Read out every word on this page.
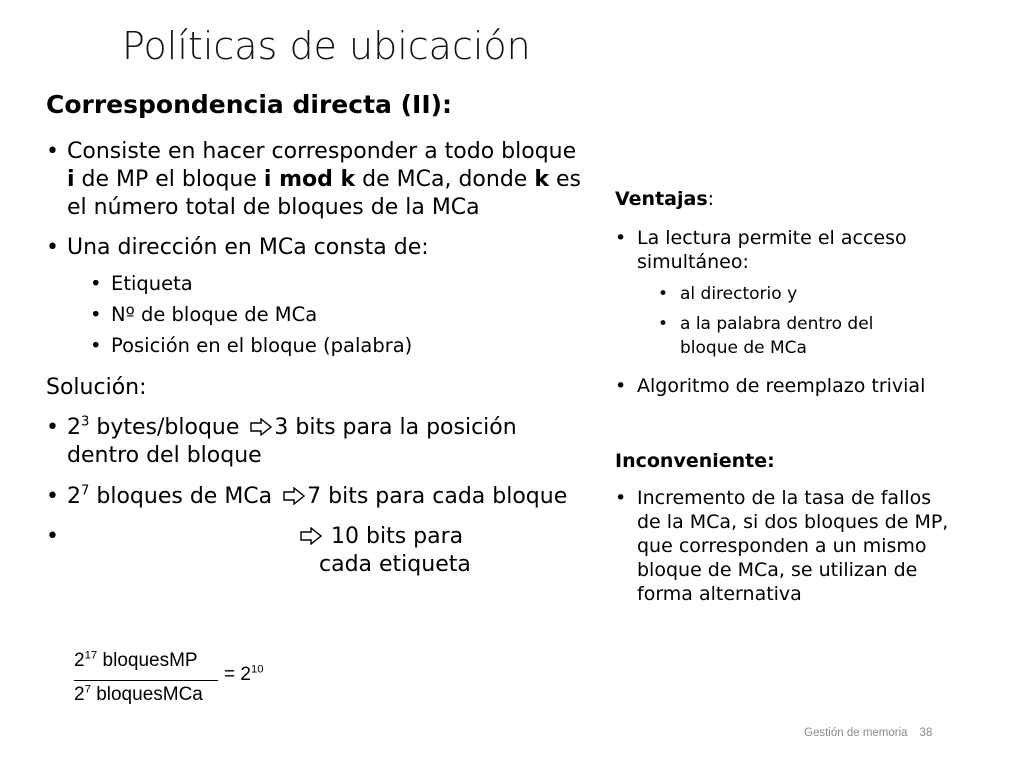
Políticas de ubicación
Correspondencia directa (II):
• Consiste en hacer corresponder a todo bloque
i de MP el bloque i mod k de MCa, donde k es
el número total de bloques de la MCa
• Una dirección en MCa consta de:
• Etiqueta
• Nº de bloque de MCa
• Posición en el bloque (palabra)
Solución:
• $2^3$ bytes/bloque 3 bits para la posición
dentro del bloque
• $2^7$ bloques de MCa 7 bits para cada bloque
•	10 bits para
cada etiqueta
Ventajas:
• La lectura permite el acceso
simultáneo:
• al directorio y
• a la palabra dentro del
bloque de MCa
• Algoritmo de reemplazo trivial
Inconveniente:
• Incremento de la tasa de fallos
de la MCa, si dos bloques de MP,
que corresponden a un mismo
bloque de MCa, se utilizan de
forma alternativa
$2^{17}$ bloquesMP
$2^7$ bloquesMCa
= $2^{10}$
Gestión de memoria 38
